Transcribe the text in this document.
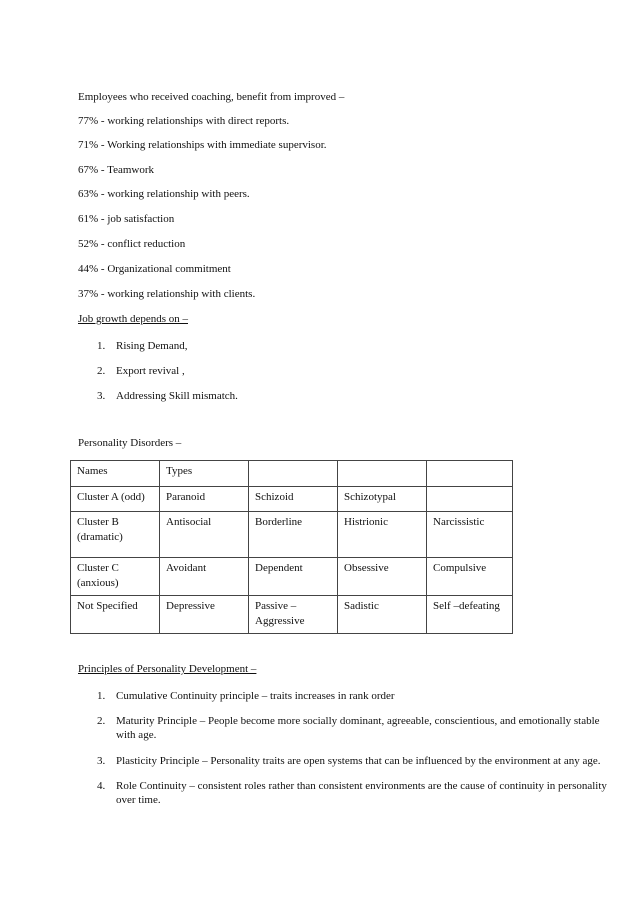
Employees who received coaching, benefit from improved –
77% - working relationships with direct reports.
71% - Working relationships with immediate supervisor.
67% - Teamwork
63% - working relationship with peers.
61% - job satisfaction
52% - conflict reduction
44% - Organizational commitment
37% - working relationship with clients.
Job growth depends on –
1. Rising Demand,
2. Export revival ,
3. Addressing Skill mismatch.
Personality Disorders –
Names	Types			
Cluster A (odd)	Paranoid	Schizoid	Schizotypal	
Cluster B (dramatic)	Antisocial	Borderline	Histrionic	Narcissistic
Cluster C (anxious)	Avoidant	Dependent	Obsessive	Compulsive
Not Specified	Depressive	Passive – Aggressive	Sadistic	Self –defeating
Principles of Personality Development –
1. Cumulative Continuity principle – traits increases in rank order
2. Maturity Principle – People become more socially dominant, agreeable, conscientious, and emotionally stable with age.
3. Plasticity Principle – Personality traits are open systems that can be influenced by the environment at any age.
4. Role Continuity – consistent roles rather than consistent environments are the cause of continuity in personality over time.
